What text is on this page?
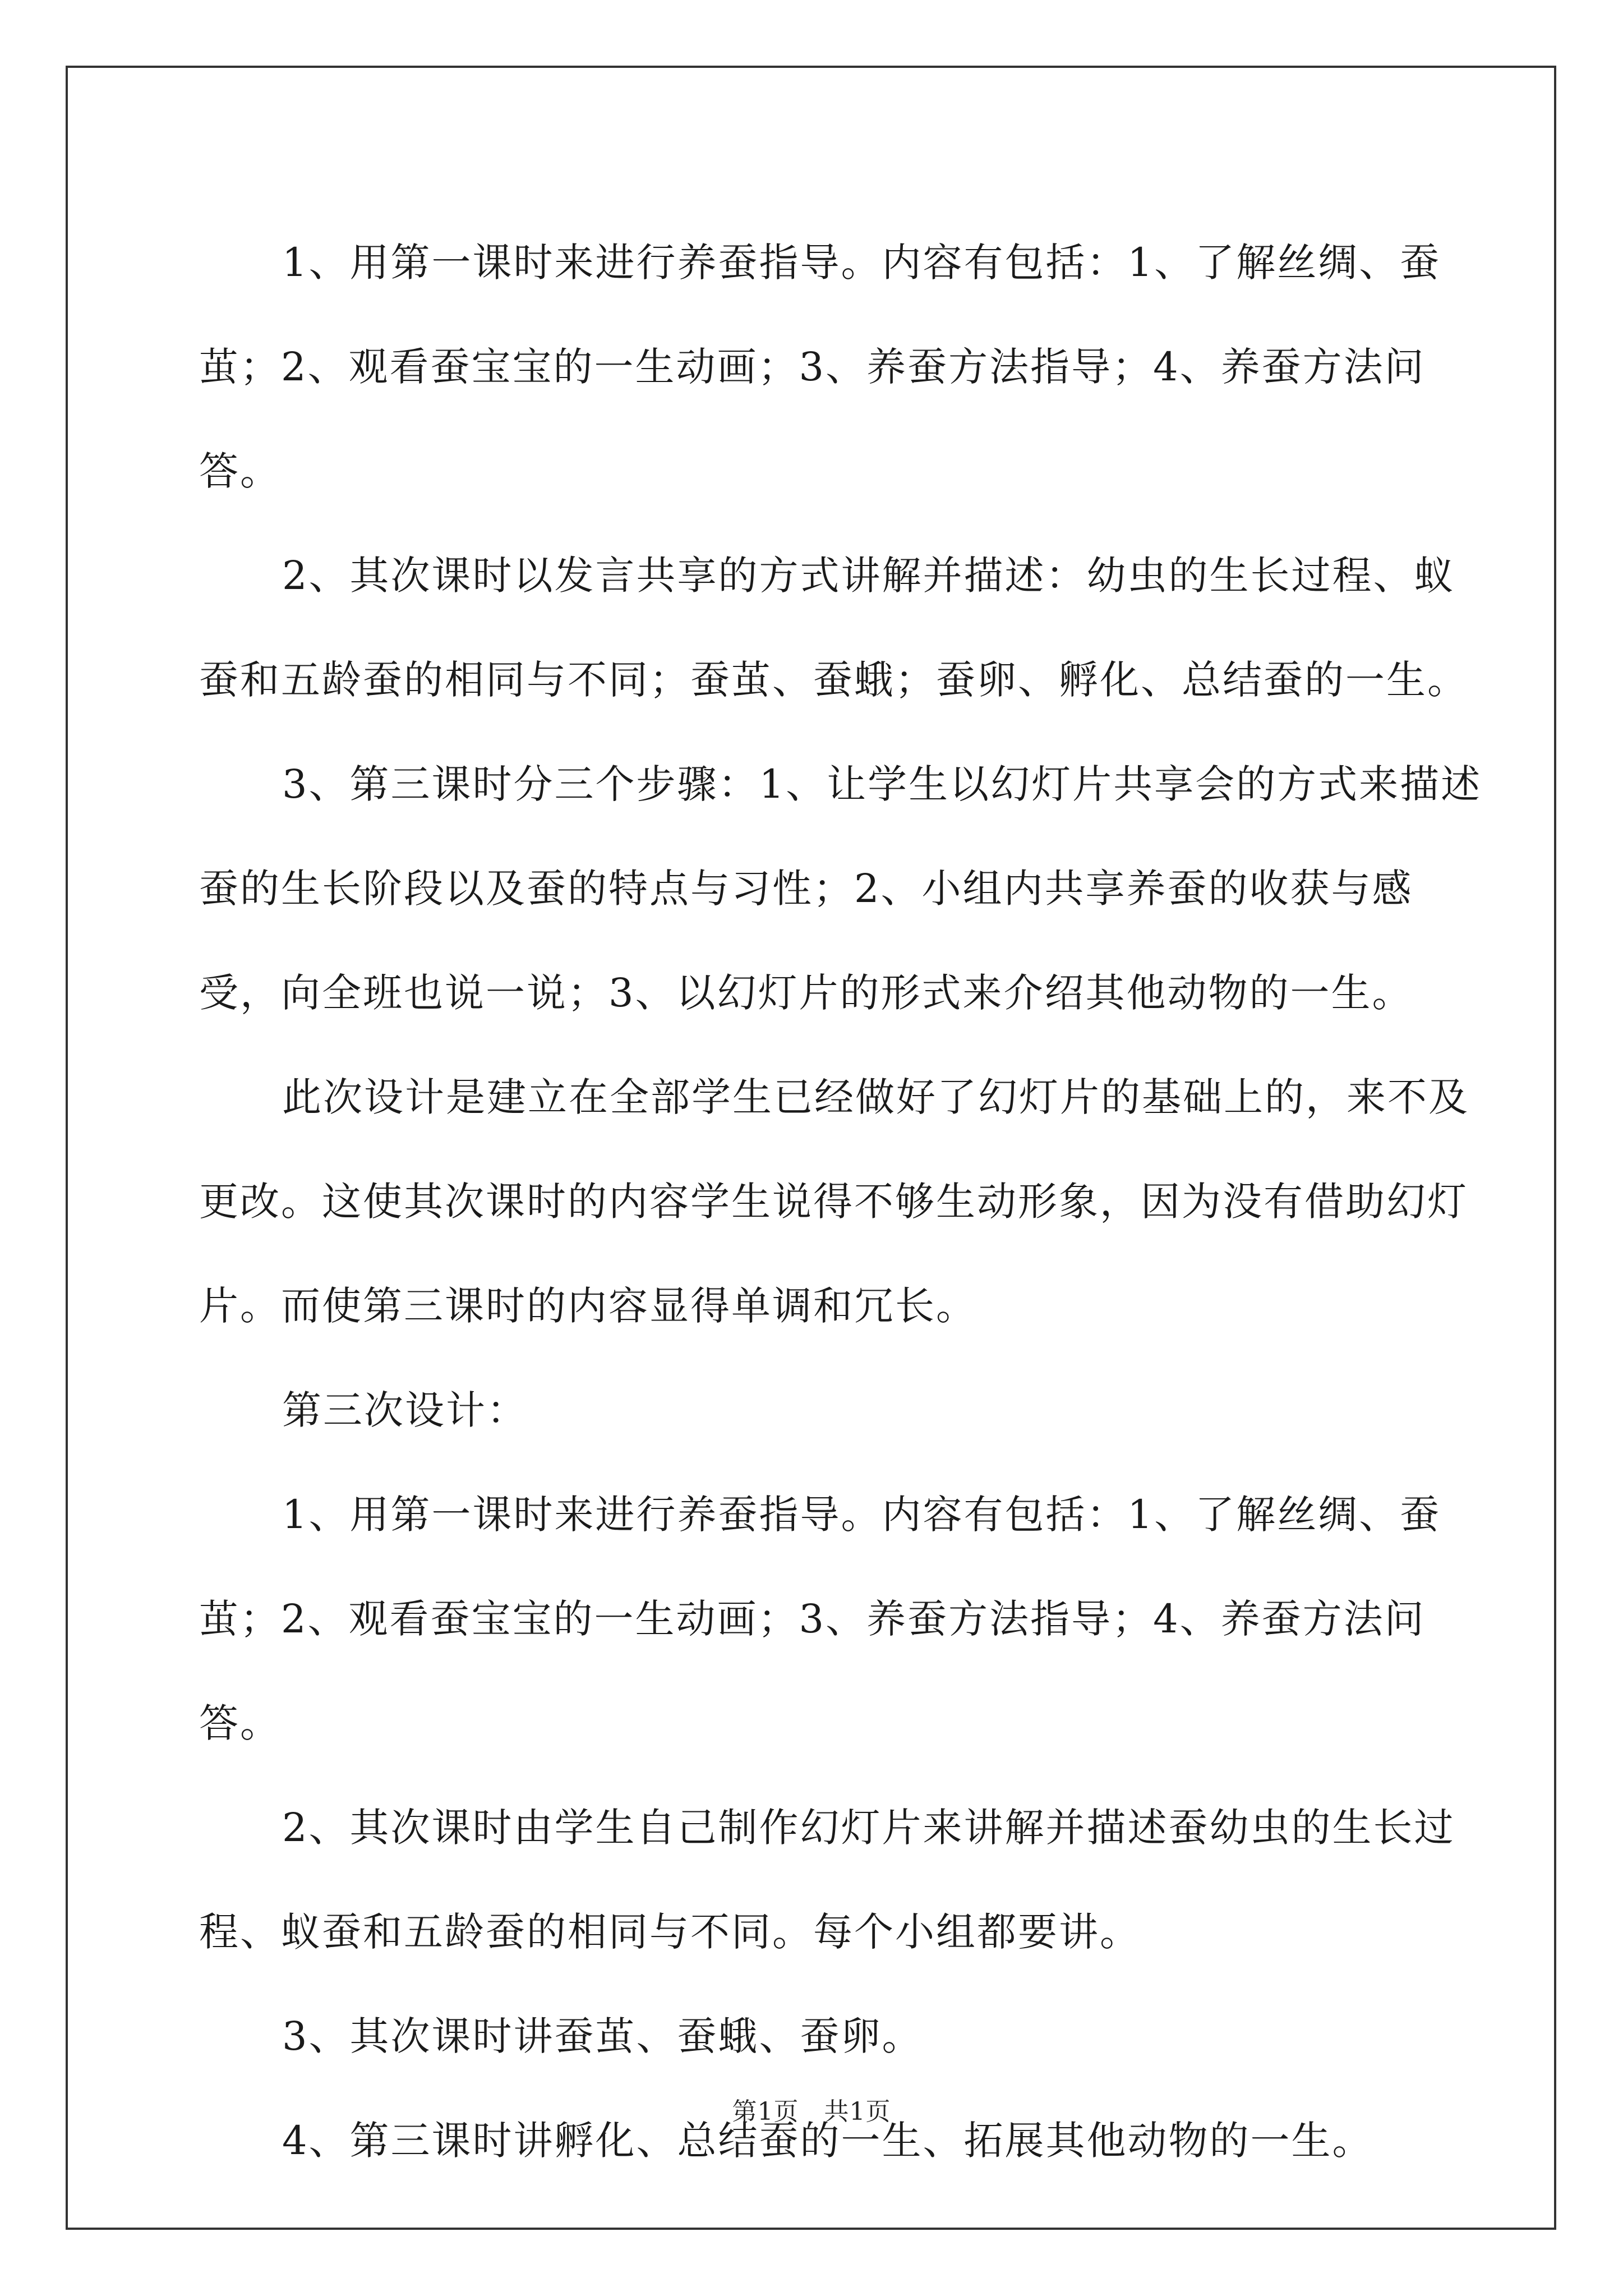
1、用第一课时来进行养蚕指导。内容有包括：1、了解丝绸、蚕茧；2、观看蚕宝宝的一生动画；3、养蚕方法指导；4、养蚕方法问答。

2、其次课时以发言共享的方式讲解并描述：幼虫的生长过程、蚁蚕和五龄蚕的相同与不同；蚕茧、蚕蛾；蚕卵、孵化、总结蚕的一生。

3、第三课时分三个步骤：1、让学生以幻灯片共享会的方式来描述蚕的生长阶段以及蚕的特点与习性；2、小组内共享养蚕的收获与感受，向全班也说一说；3、以幻灯片的形式来介绍其他动物的一生。

此次设计是建立在全部学生已经做好了幻灯片的基础上的，来不及更改。这使其次课时的内容学生说得不够生动形象，因为没有借助幻灯片。而使第三课时的内容显得单调和冗长。

第三次设计：

1、用第一课时来进行养蚕指导。内容有包括：1、了解丝绸、蚕茧；2、观看蚕宝宝的一生动画；3、养蚕方法指导；4、养蚕方法问答。

2、其次课时由学生自己制作幻灯片来讲解并描述蚕幼虫的生长过程、蚁蚕和五龄蚕的相同与不同。每个小组都要讲。

3、其次课时讲蚕茧、蚕蛾、蚕卵。

4、第三课时讲孵化、总结蚕的一生、拓展其他动物的一生。

第1页　共1页
